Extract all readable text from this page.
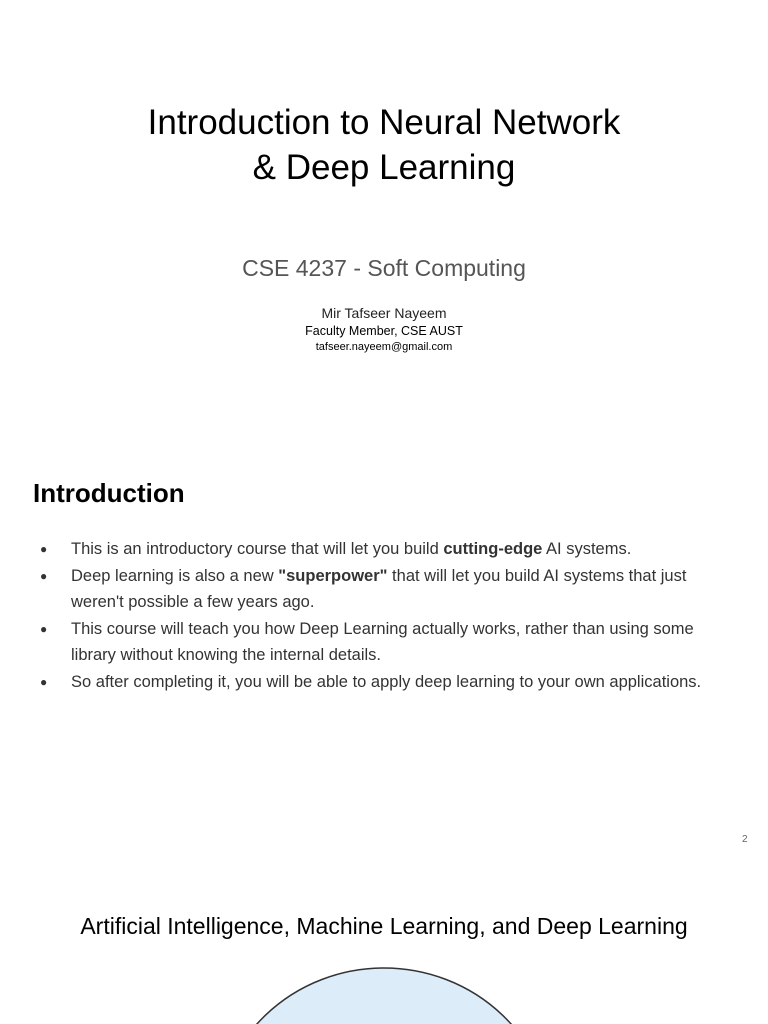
Introduction to Neural Network
& Deep Learning
CSE 4237 - Soft Computing
Mir Tafseer Nayeem
Faculty Member, CSE AUST
tafseer.nayeem@gmail.com
Introduction
● This is an introductory course that will let you build cutting-edge AI systems.
● Deep learning is also a new "superpower" that will let you build AI systems that just weren't possible a few years ago.
● This course will teach you how Deep Learning actually works, rather than using some library without knowing the internal details.
● So after completing it, you will be able to apply deep learning to your own applications.
2
Artificial Intelligence, Machine Learning, and Deep Learning
